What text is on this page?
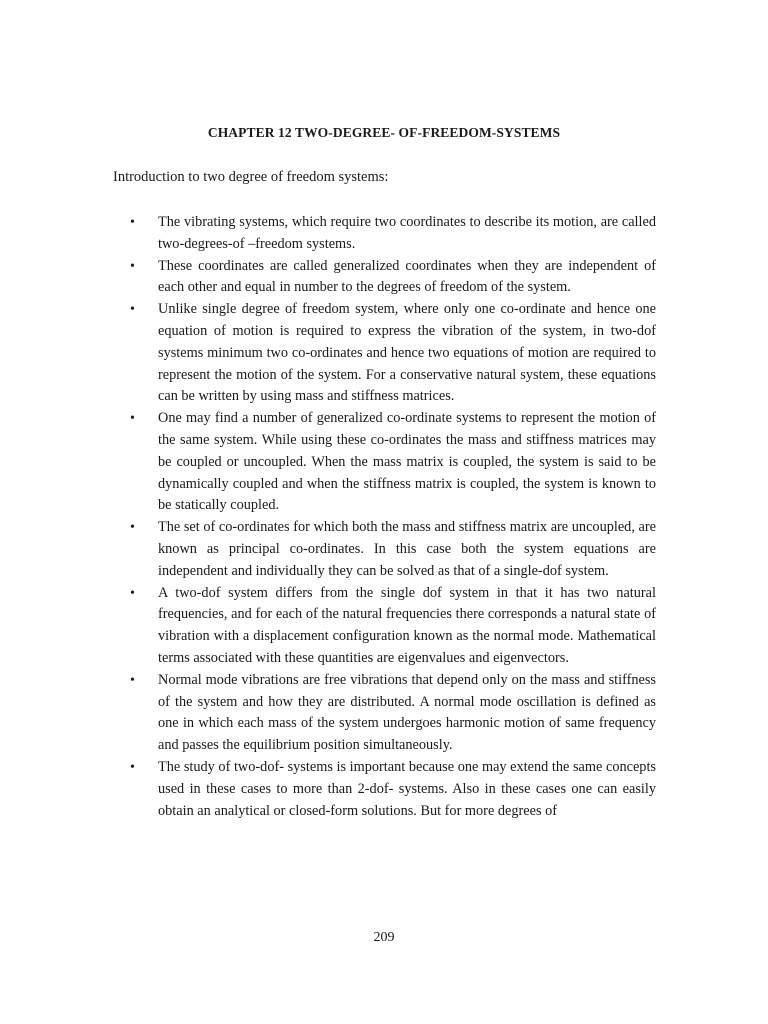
CHAPTER 12 TWO-DEGREE- OF-FREEDOM-SYSTEMS
Introduction to two degree of freedom systems:
• The vibrating systems, which require two coordinates to describe its motion, are called two-degrees-of –freedom systems.
• These coordinates are called generalized coordinates when they are independent of each other and equal in number to the degrees of freedom of the system.
• Unlike single degree of freedom system, where only one co-ordinate and hence one equation of motion is required to express the vibration of the system, in two-dof systems minimum two co-ordinates and hence two equations of motion are required to represent the motion of the system. For a conservative natural system, these equations can be written by using mass and stiffness matrices.
• One may find a number of generalized co-ordinate systems to represent the motion of the same system. While using these co-ordinates the mass and stiffness matrices may be coupled or uncoupled. When the mass matrix is coupled, the system is said to be dynamically coupled and when the stiffness matrix is coupled, the system is known to be statically coupled.
• The set of co-ordinates for which both the mass and stiffness matrix are uncoupled, are known as principal co-ordinates. In this case both the system equations are independent and individually they can be solved as that of a single-dof system.
• A two-dof system differs from the single dof system in that it has two natural frequencies, and for each of the natural frequencies there corresponds a natural state of vibration with a displacement configuration known as the normal mode. Mathematical terms associated with these quantities are eigenvalues and eigenvectors.
• Normal mode vibrations are free vibrations that depend only on the mass and stiffness of the system and how they are distributed. A normal mode oscillation is defined as one in which each mass of the system undergoes harmonic motion of same frequency and passes the equilibrium position simultaneously.
• The study of two-dof- systems is important because one may extend the same concepts used in these cases to more than 2-dof- systems. Also in these cases one can easily obtain an analytical or closed-form solutions. But for more degrees of
209
